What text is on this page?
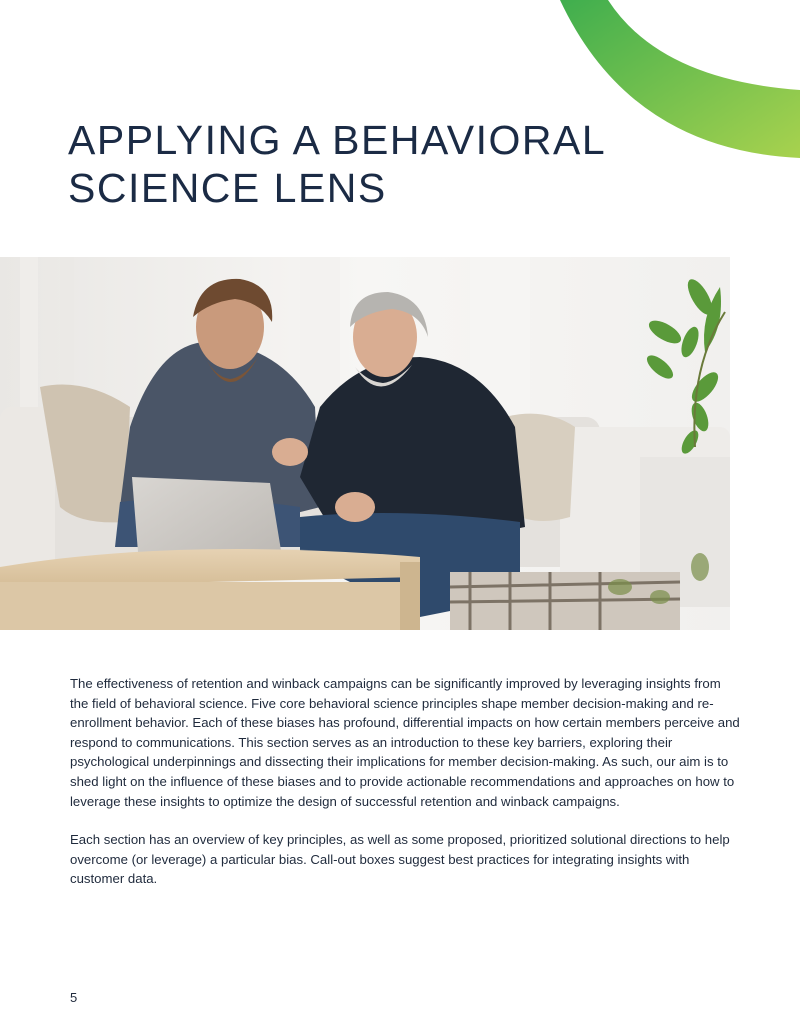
APPLYING A BEHAVIORAL
SCIENCE LENS

The effectiveness of retention and winback campaigns can be significantly improved by leveraging insights from the field of behavioral science. Five core behavioral science principles shape member decision-making and re-enrollment behavior. Each of these biases has profound, differential impacts on how certain members perceive and respond to communications. This section serves as an introduction to these key barriers, exploring their psychological underpinnings and dissecting their implications for member decision-making. As such, our aim is to shed light on the influence of these biases and to provide actionable recommendations and approaches on how to leverage these insights to optimize the design of successful retention and winback campaigns.

Each section has an overview of key principles, as well as some proposed, prioritized solutional directions to help overcome (or leverage) a particular bias. Call-out boxes suggest best practices for integrating insights with customer data.

5
